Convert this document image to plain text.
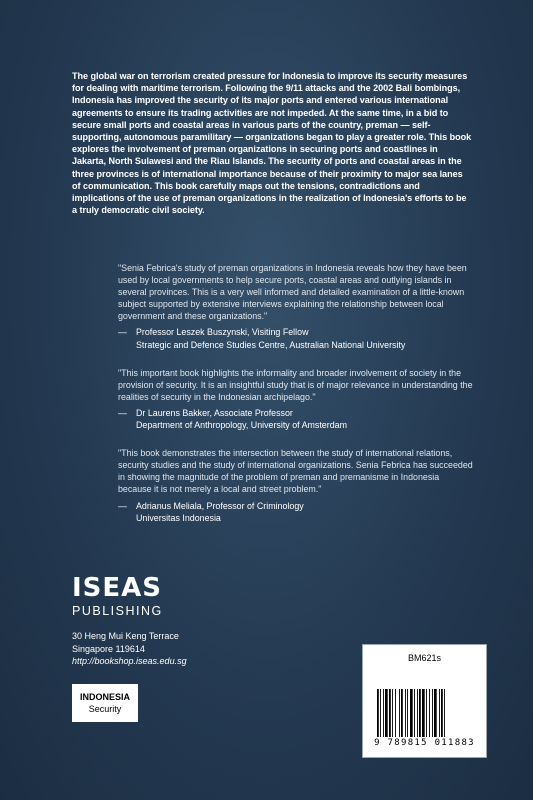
The global war on terrorism created pressure for Indonesia to improve its security measures for dealing with maritime terrorism. Following the 9/11 attacks and the 2002 Bali bombings, Indonesia has improved the security of its major ports and entered various international agreements to ensure its trading activities are not impeded. At the same time, in a bid to secure small ports and coastal areas in various parts of the country, preman — self-supporting, autonomous paramilitary — organizations began to play a greater role. This book explores the involvement of preman organizations in securing ports and coastlines in Jakarta, North Sulawesi and the Riau Islands. The security of ports and coastal areas in the three provinces is of international importance because of their proximity to major sea lanes of communication. This book carefully maps out the tensions, contradictions and implications of the use of preman organizations in the realization of Indonesia's efforts to be a truly democratic civil society.

"Senia Febrica's study of preman organizations in Indonesia reveals how they have been used by local governments to help secure ports, coastal areas and outlying islands in several provinces. This is a very well informed and detailed examination of a little-known subject supported by extensive interviews explaining the relationship between local government and these organizations."

—	Professor Leszek Buszynski, Visiting Fellow
Strategic and Defence Studies Centre, Australian National University

"This important book highlights the informality and broader involvement of society in the provision of security. It is an insightful study that is of major relevance in understanding the realities of security in the Indonesian archipelago."

—	Dr Laurens Bakker, Associate Professor
Department of Anthropology, University of Amsterdam

"This book demonstrates the intersection between the study of international relations, security studies and the study of international organizations. Senia Febrica has succeeded in showing the magnitude of the problem of preman and premanisme in Indonesia because it is not merely a local and street problem."

—	Adrianus Meliala, Professor of Criminology
Universitas Indonesia
ISEAS
PUBLISHING
30 Heng Mui Keng Terrace
Singapore 119614
http://bookshop.iseas.edu.sg
INDONESIA
Security
BM621s
9 789815 011883
